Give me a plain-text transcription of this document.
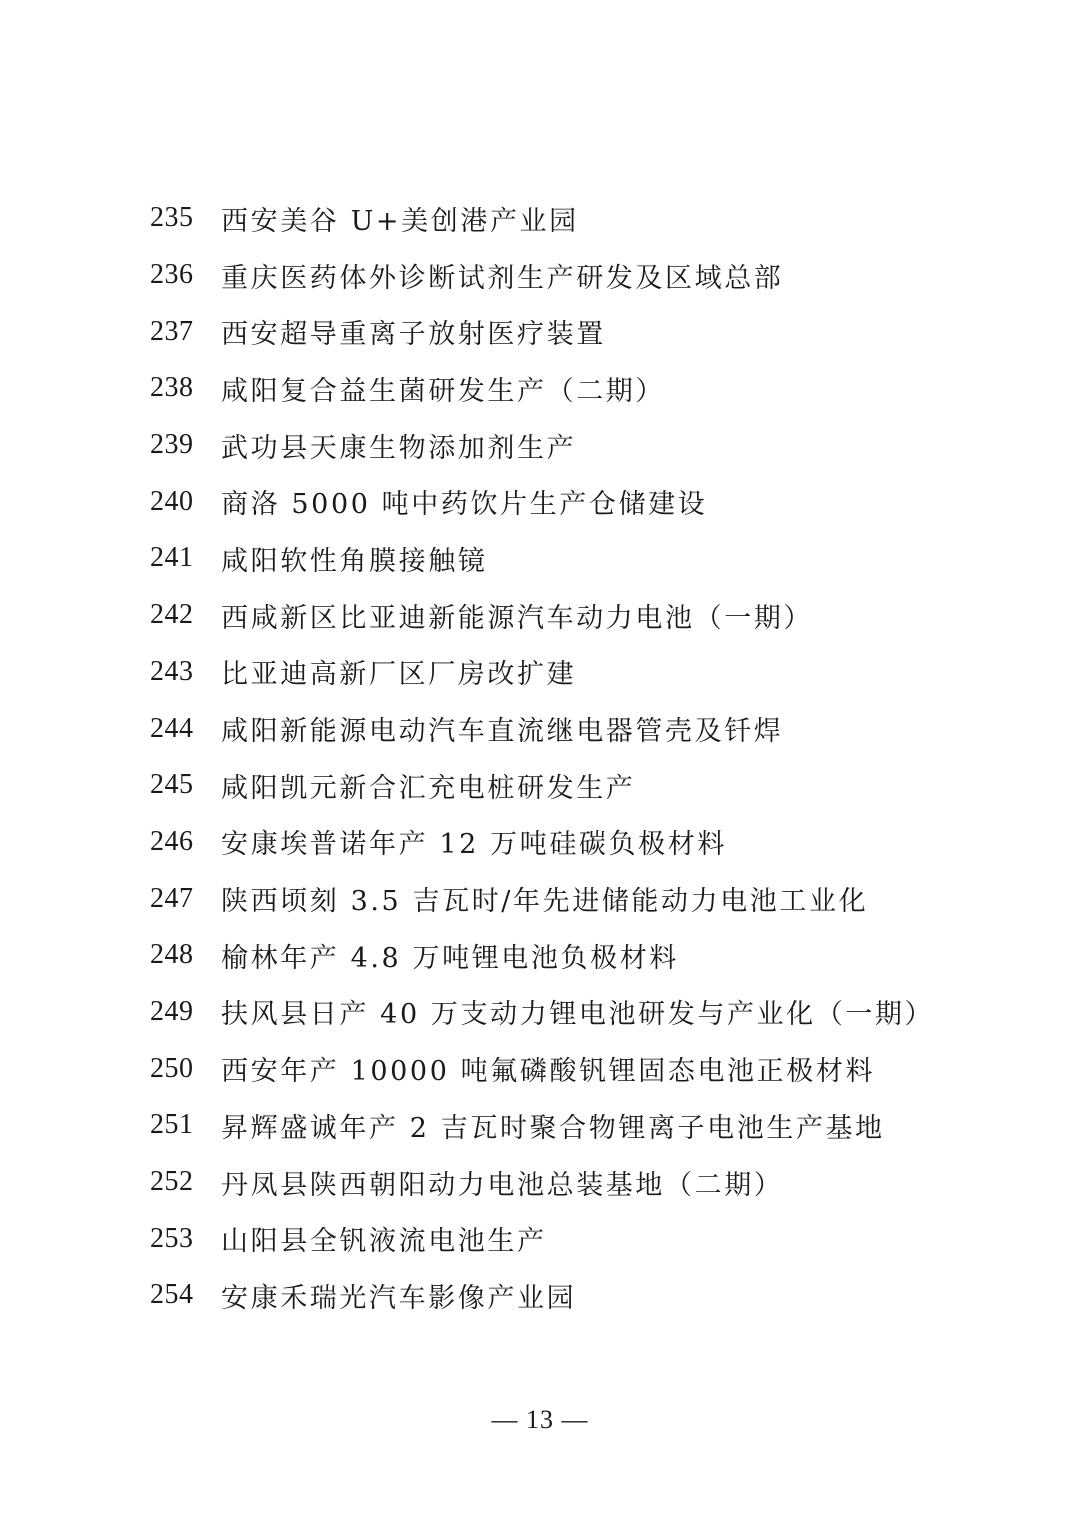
235	西安美谷 U+美创港产业园
236	重庆医药体外诊断试剂生产研发及区域总部
237	西安超导重离子放射医疗装置
238	咸阳复合益生菌研发生产（二期）
239	武功县天康生物添加剂生产
240	商洛 5000 吨中药饮片生产仓储建设
241	咸阳软性角膜接触镜
242	西咸新区比亚迪新能源汽车动力电池（一期）
243	比亚迪高新厂区厂房改扩建
244	咸阳新能源电动汽车直流继电器管壳及钎焊
245	咸阳凯元新合汇充电桩研发生产
246	安康埃普诺年产 12 万吨硅碳负极材料
247	陕西顷刻 3.5 吉瓦时/年先进储能动力电池工业化
248	榆林年产 4.8 万吨锂电池负极材料
249	扶风县日产 40 万支动力锂电池研发与产业化（一期）
250	西安年产 10000 吨氟磷酸钒锂固态电池正极材料
251	昇辉盛诚年产 2 吉瓦时聚合物锂离子电池生产基地
252	丹凤县陕西朝阳动力电池总装基地（二期）
253	山阳县全钒液流电池生产
254	安康禾瑞光汽车影像产业园
— 13 —
